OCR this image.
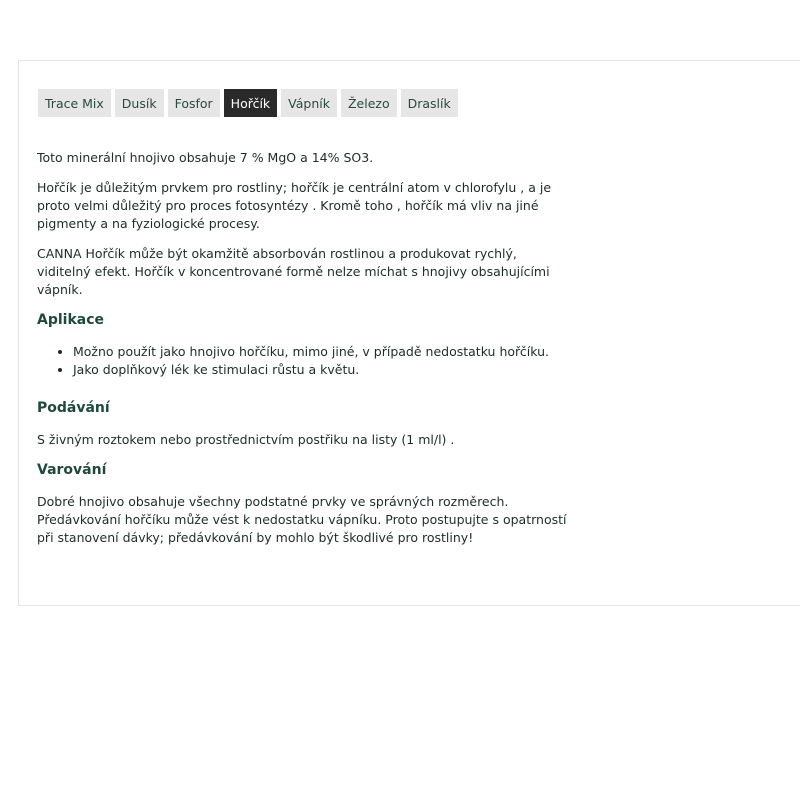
Trace Mix	Dusík	Fosfor	Hořčík	Vápník	Železo	Draslík

Toto minerální hnojivo obsahuje 7 % MgO a 14% SO3.

Hořčík je důležitým prvkem pro rostliny; hořčík je centrální atom v chlorofylu , a je proto velmi důležitý pro proces fotosyntézy . Kromě toho , hořčík má vliv na jiné pigmenty a na fyziologické procesy.

CANNA Hořčík může být okamžitě absorbován rostlinou a produkovat rychlý, viditelný efekt. Hořčík v koncentrované formě nelze míchat s hnojivy obsahujícími vápník.

Aplikace
• Možno použít jako hnojivo hořčíku, mimo jiné, v případě nedostatku hořčíku.
• Jako doplňkový lék ke stimulaci růstu a květu.
Podávání

S živným roztokem nebo prostřednictvím postřiku na listy (1 ml/l) .

Varování

Dobré hnojivo obsahuje všechny podstatné prvky ve správných rozměrech. Předávkování hořčíku může vést k nedostatku vápníku. Proto postupujte s opatrností při stanovení dávky; předávkování by mohlo být škodlivé pro rostliny!
